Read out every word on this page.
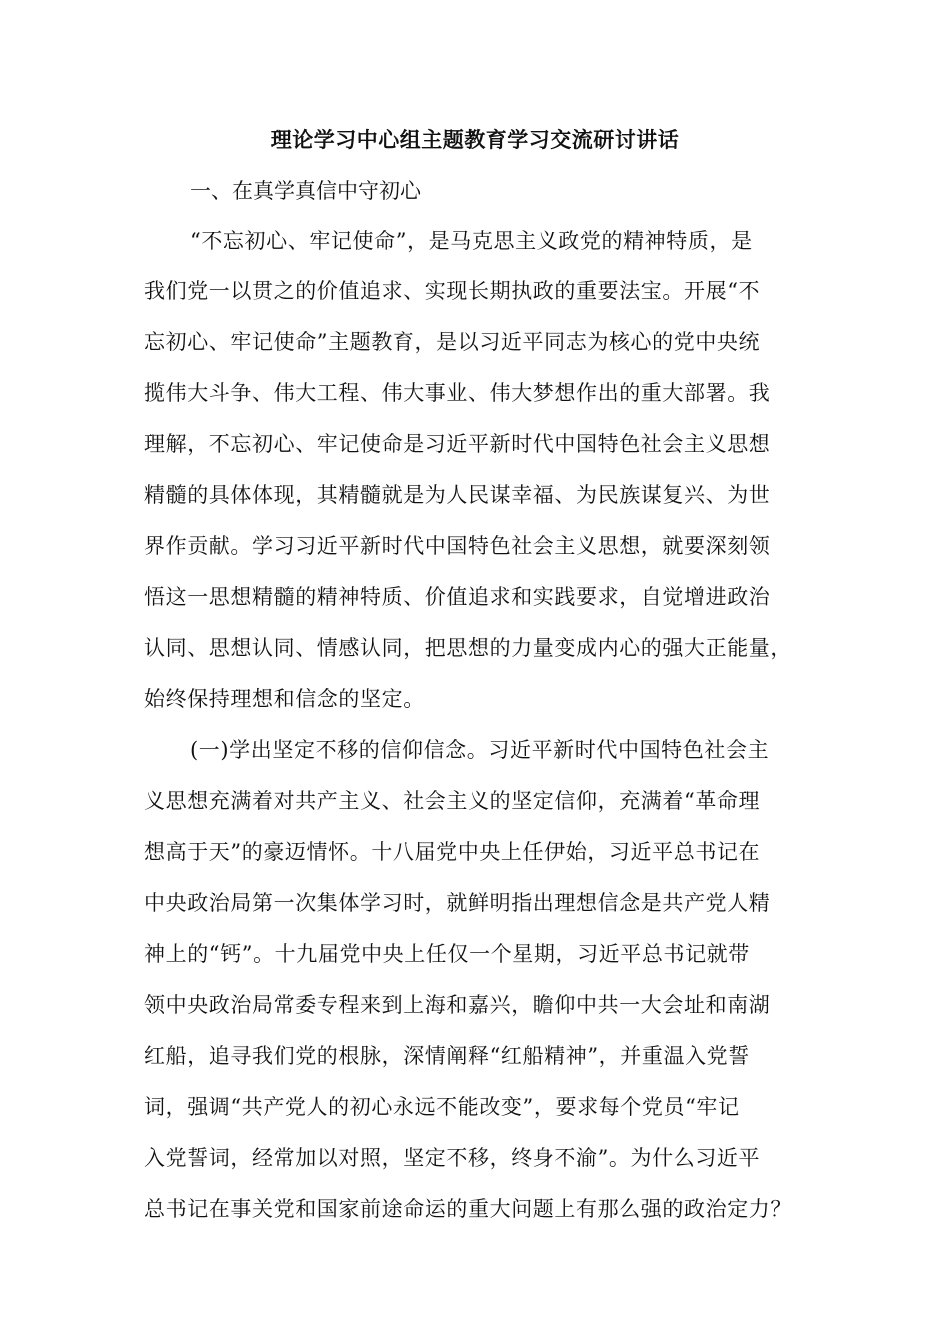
理论学习中心组主题教育学习交流研讨讲话
一、在真学真信中守初心
“不忘初心、牢记使命”，是马克思主义政党的精神特质，是
我们党一以贯之的价值追求、实现长期执政的重要法宝。开展“不
忘初心、牢记使命”主题教育，是以习近平同志为核心的党中央统
揽伟大斗争、伟大工程、伟大事业、伟大梦想作出的重大部署。我
理解，不忘初心、牢记使命是习近平新时代中国特色社会主义思想
精髓的具体体现，其精髓就是为人民谋幸福、为民族谋复兴、为世
界作贡献。学习习近平新时代中国特色社会主义思想，就要深刻领
悟这一思想精髓的精神特质、价值追求和实践要求，自觉增进政治
认同、思想认同、情感认同，把思想的力量变成内心的强大正能量，
始终保持理想和信念的坚定。
(一)学出坚定不移的信仰信念。习近平新时代中国特色社会主
义思想充满着对共产主义、社会主义的坚定信仰，充满着“革命理
想高于天”的豪迈情怀。十八届党中央上任伊始，习近平总书记在
中央政治局第一次集体学习时，就鲜明指出理想信念是共产党人精
神上的“钙”。十九届党中央上任仅一个星期，习近平总书记就带
领中央政治局常委专程来到上海和嘉兴，瞻仰中共一大会址和南湖
红船，追寻我们党的根脉，深情阐释“红船精神”，并重温入党誓
词，强调“共产党人的初心永远不能改变”，要求每个党员“牢记
入党誓词，经常加以对照，坚定不移，终身不渝”。为什么习近平
总书记在事关党和国家前途命运的重大问题上有那么强的政治定力？
